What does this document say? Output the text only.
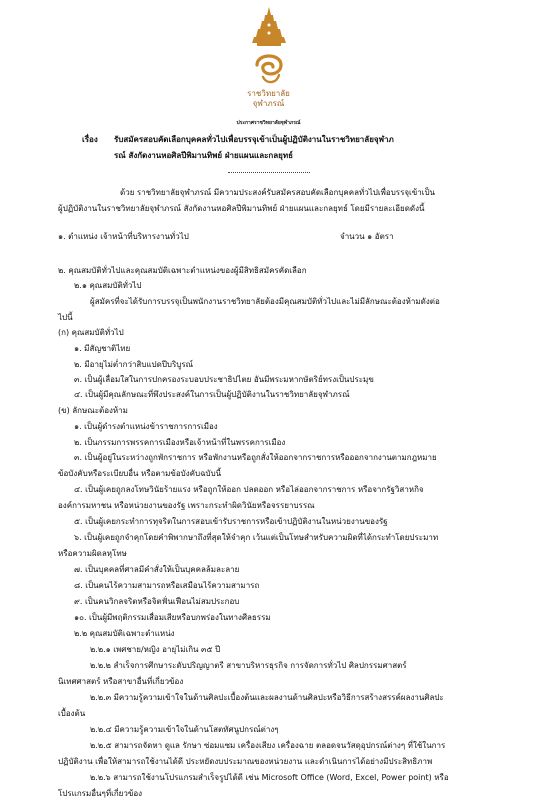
ราชวิทยาลัย
จุฬาภรณ์
ประกาศราชวิทยาลัยจุฬาภรณ์
เรื่อง รับสมัครสอบคัดเลือกบุคคลทั่วไปเพื่อบรรจุเข้าเป็นผู้ปฏิบัติงานในราชวิทยาลัยจุฬาภ
รณ์ สังกัดงานหอศิลปีพิมานทิพย์ ฝ่ายแผนและกลยุทธ์
ด้วย ราชวิทยาลัยจุฬาภรณ์ มีความประสงค์รับสมัครสอบคัดเลือกบุคคลทั่วไปเพื่อบรรจุเข้าเป็น
ผู้ปฏิบัติงานในราชวิทยาลัยจุฬาภรณ์ สังกัดงานหอศิลปีพิมานทิพย์ ฝ่ายแผนและกลยุทธ์ โดยมีรายละเอียดดังนี้
๑. ตำแหน่ง เจ้าหน้าที่บริหารงานทั่วไป	จำนวน ๑ อัตรา
๒. คุณสมบัติทั่วไปและคุณสมบัติเฉพาะตำแหน่งของผู้มีสิทธิสมัครคัดเลือก
๒.๑ คุณสมบัติทั่วไป
ผู้สมัครที่จะได้รับการบรรจุเป็นพนักงานราชวิทยาลัยต้องมีคุณสมบัติทั่วไปและไม่มีลักษณะต้องห้ามดังต่อ
ไปนี้
(ก) คุณสมบัติทั่วไป
๑. มีสัญชาติไทย
๒. มีอายุไม่ต่ำกว่าสิบแปดปีบริบูรณ์
๓. เป็นผู้เลื่อมใสในการปกครองระบอบประชาธิปไตย อันมีพระมหากษัตริย์ทรงเป็นประมุข
๔. เป็นผู้มีคุณลักษณะที่พึงประสงค์ในการเป็นผู้ปฏิบัติงานในราชวิทยาลัยจุฬาภรณ์
(ข) ลักษณะต้องห้าม
๑. เป็นผู้ดำรงตำแหน่งข้าราชการการเมือง
๒. เป็นกรรมการพรรคการเมืองหรือเจ้าหน้าที่ในพรรคการเมือง
๓. เป็นผู้อยู่ในระหว่างถูกพักราชการ หรือพักงานหรือถูกสั่งให้ออกจากราชการหรือออกจากงานตามกฎหมาย
ข้อบังคับหรือระเบียบอื่น หรือตามข้อบังคับฉบับนี้
๔. เป็นผู้เคยถูกลงโทษวินัยร้ายแรง หรือถูกให้ออก ปลดออก หรือไล่ออกจากราชการ หรือจากรัฐวิสาหกิจ
องค์การมหาชน หรือหน่วยงานของรัฐ เพราะกระทำผิดวินัยหรือจรรยาบรรณ
๕. เป็นผู้เคยกระทำการทุจริตในการสอบเข้ารับราชการหรือเข้าปฏิบัติงานในหน่วยงานของรัฐ
๖. เป็นผู้เคยถูกจำคุกโดยคำพิพากษาถึงที่สุดให้จำคุก เว้นแต่เป็นโทษสำหรับความผิดที่ได้กระทำโดยประมาท
หรือความผิดลหุโทษ
๗. เป็นบุคคลที่ศาลมีคำสั่งให้เป็นบุคคลล้มละลาย
๘. เป็นคนไร้ความสามารถหรือเสมือนไร้ความสามารถ
๙. เป็นคนวิกลจริตหรือจิตฟั่นเฟือนไม่สมประกอบ
๑๐. เป็นผู้มีพฤติกรรมเสื่อมเสียหรือบกพร่องในทางศีลธรรม
๒.๒ คุณสมบัติเฉพาะตำแหน่ง
๒.๒.๑ เพศชาย/หญิง อายุไม่เกิน ๓๕ ปี
๒.๒.๒ สำเร็จการศึกษาระดับปริญญาตรี สาขาบริหารธุรกิจ การจัดการทั่วไป ศิลปกรรมศาสตร์
นิเทศศาสตร์ หรือสาขาอื่นที่เกี่ยวข้อง
๒.๒.๓ มีความรู้ความเข้าใจในด้านศิลปะเบื้องต้นและผลงานด้านศิลปะหรือวิธีการสร้างสรรค์ผลงานศิลปะ
เบื้องต้น
๒.๒.๔ มีความรู้ความเข้าใจในด้านโสตทัศนูปกรณ์ต่างๆ
๒.๒.๕ สามารถจัดหา ดูแล รักษา ซ่อมแซม เครื่องเสียง เครื่องฉาย ตลอดจนวัสดุอุปกรณ์ต่างๆ ที่ใช้ในการ
ปฏิบัติงาน เพื่อให้สามารถใช้งานได้ดี ประหยัดงบประมาณของหน่วยงาน และดำเนินการได้อย่างมีประสิทธิภาพ
๒.๒.๖ สามารถใช้งานโปรแกรมสำเร็จรูปได้ดี เช่น Microsoft Office (Word, Excel, Power point) หรือ
โปรแกรมอื่นๆที่เกี่ยวข้อง
